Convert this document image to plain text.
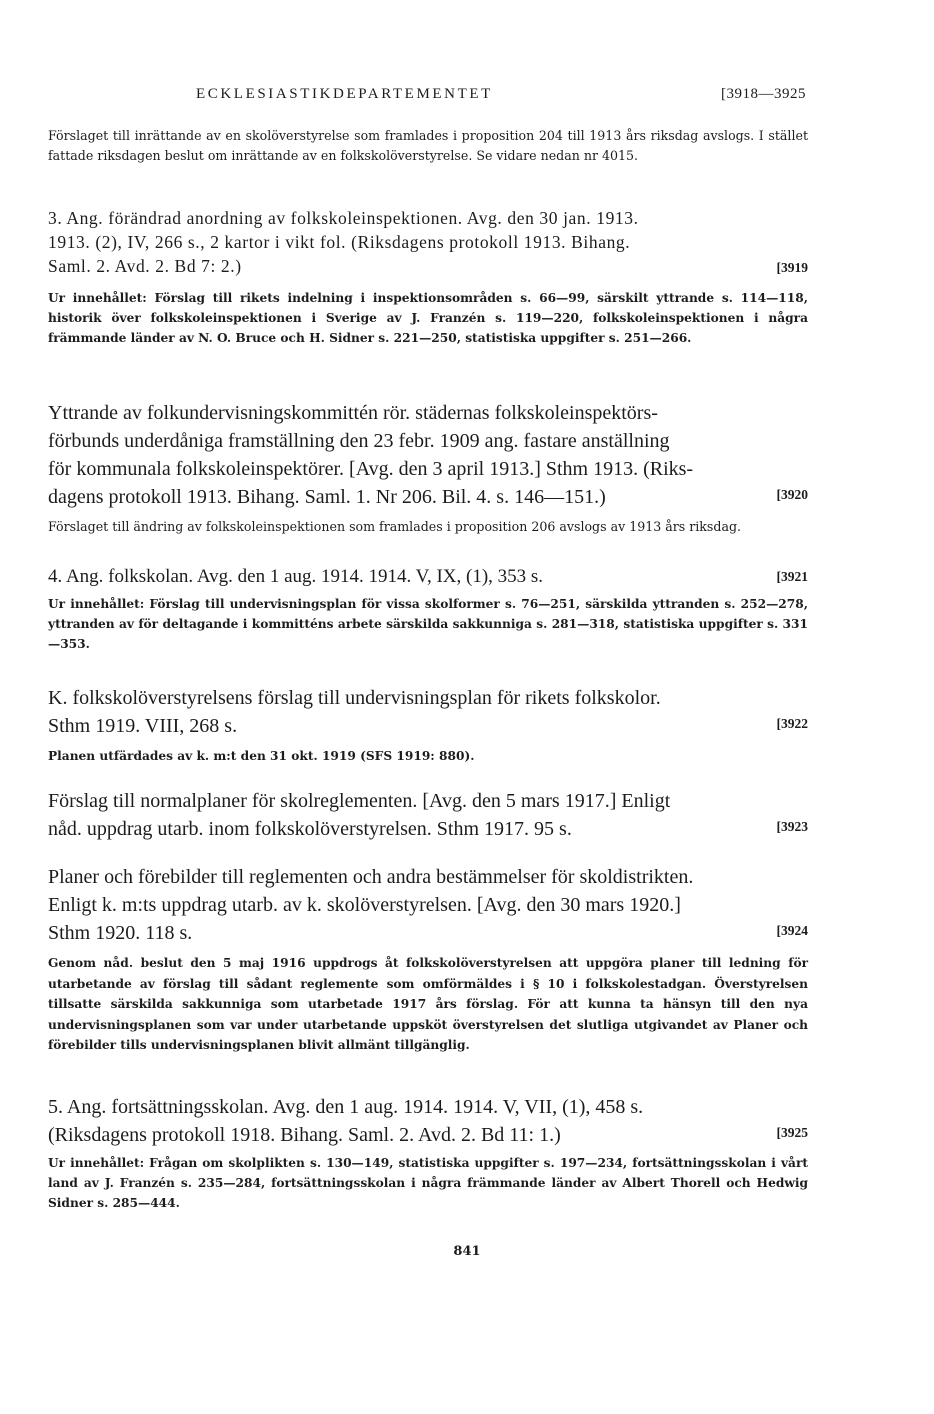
ECKLESIASTIKDEPARTEMENTET	[3918—3925
Förslaget till inrättande av en skolöverstyrelse som framlades i proposition 204 till 1913 års riksdag avslogs. I stället fattade riksdagen beslut om inrättande av en folkskolöverstyrelse. Se vidare nedan nr 4015.
3. Ang. förändrad anordning av folkskoleinspektionen. Avg. den 30 jan. 1913.
1913. (2), IV, 266 s., 2 kartor i vikt fol. (Riksdagens protokoll 1913. Bihang.
Saml. 2. Avd. 2. Bd 7: 2.)	[3919
Ur innehållet: Förslag till rikets indelning i inspektionsområden s. 66—99, särskilt yttrande s. 114—118, historik över folkskoleinspektionen i Sverige av J. Franzén s. 119—220, folkskoleinspektionen i några främmande länder av N. O. Bruce och H. Sidner s. 221—250, statistiska uppgifter s. 251—266.
Yttrande av folkundervisningskommittén rör. städernas folkskoleinspektörs-
förbunds underdåniga framställning den 23 febr. 1909 ang. fastare anställning
för kommunala folkskoleinspektörer. [Avg. den 3 april 1913.] Sthm 1913. (Riks-
dagens protokoll 1913. Bihang. Saml. 1. Nr 206. Bil. 4. s. 146—151.)	[3920
Förslaget till ändring av folkskoleinspektionen som framlades i proposition 206 avslogs av 1913 års riksdag.
4. Ang. folkskolan. Avg. den 1 aug. 1914. 1914. V, IX, (1), 353 s.	[3921
Ur innehållet: Förslag till undervisningsplan för vissa skolformer s. 76—251, särskilda yttranden s. 252—278, yttranden av för deltagande i kommitténs arbete särskilda sakkunniga s. 281—318, statistiska uppgifter s. 331—353.
K. folkskolöverstyrelsens förslag till undervisningsplan för rikets folkskolor.
Sthm 1919. VIII, 268 s.	[3922
Planen utfärdades av k. m:t den 31 okt. 1919 (SFS 1919: 880).
Förslag till normalplaner för skolreglementen. [Avg. den 5 mars 1917.] Enligt
nåd. uppdrag utarb. inom folkskolöverstyrelsen. Sthm 1917. 95 s.	[3923
Planer och förebilder till reglementen och andra bestämmelser för skoldistrikten.
Enligt k. m:ts uppdrag utarb. av k. skolöverstyrelsen. [Avg. den 30 mars 1920.]
Sthm 1920. 118 s.	[3924
Genom nåd. beslut den 5 maj 1916 uppdrogs åt folkskolöverstyrelsen att uppgöra planer till ledning för utarbetande av förslag till sådant reglemente som omförmäldes i § 10 i folkskolestadgan. Överstyrelsen tillsatte särskilda sakkunniga som utarbetade 1917 års förslag. För att kunna ta hänsyn till den nya undervisningsplanen som var under utarbetande uppsköt överstyrelsen det slutliga utgivandet av Planer och förebilder tills undervisningsplanen blivit allmänt tillgänglig.
5. Ang. fortsättningsskolan. Avg. den 1 aug. 1914. 1914. V, VII, (1), 458 s.
(Riksdagens protokoll 1918. Bihang. Saml. 2. Avd. 2. Bd 11: 1.)	[3925
Ur innehållet: Frågan om skolplikten s. 130—149, statistiska uppgifter s. 197—234, fortsättningsskolan i vårt land av J. Franzén s. 235—284, fortsättningsskolan i några främmande länder av Albert Thorell och Hedwig Sidner s. 285—444.
841
